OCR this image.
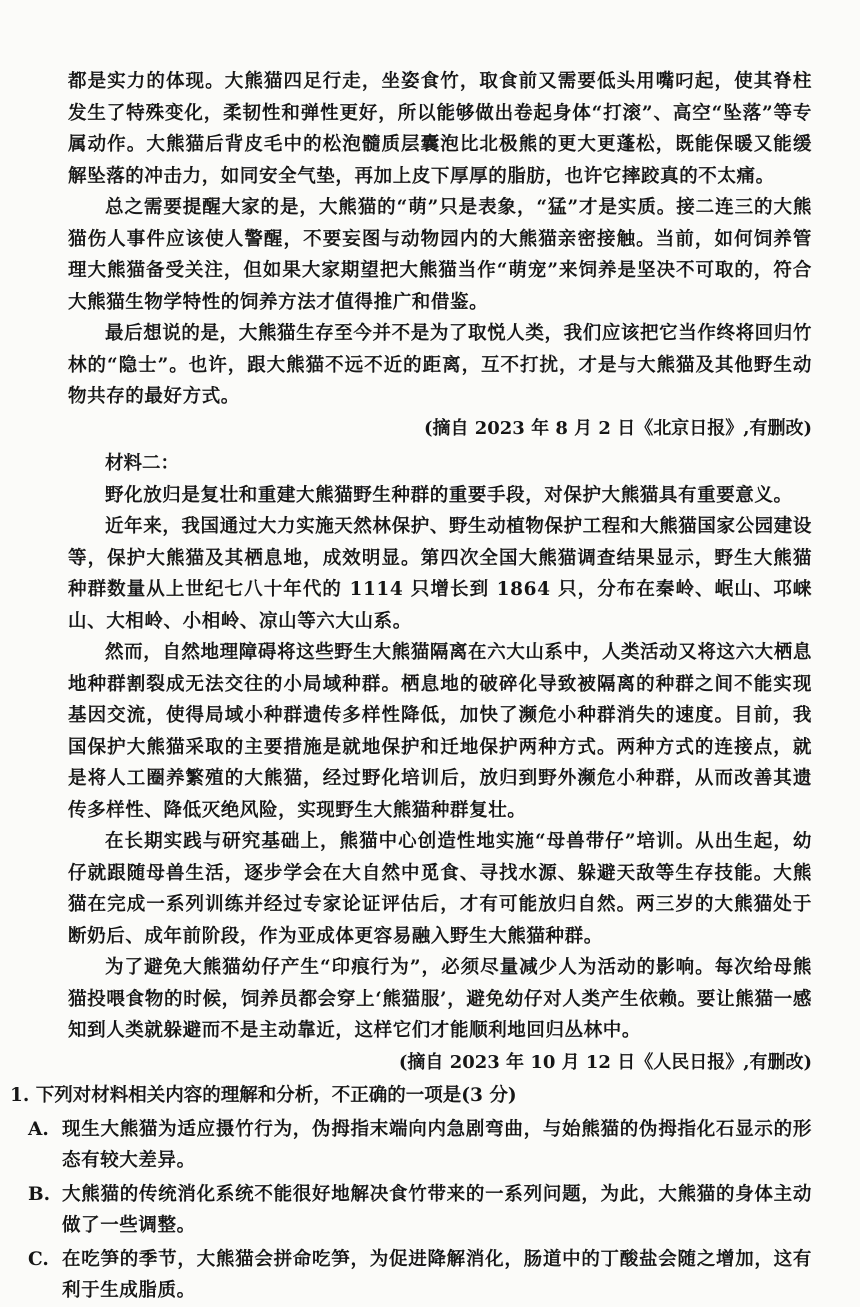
都是实力的体现。大熊猫四足行走，坐姿食竹，取食前又需要低头用嘴叼起，使其脊柱发生了特殊变化，柔韧性和弹性更好，所以能够做出卷起身体“打滚”、高空“坠落”等专属动作。大熊猫后背皮毛中的松泡髓质层囊泡比北极熊的更大更蓬松，既能保暖又能缓解坠落的冲击力，如同安全气垫，再加上皮下厚厚的脂肪，也许它摔跤真的不太痛。

总之需要提醒大家的是，大熊猫的“萌”只是表象，“猛”才是实质。接二连三的大熊猫伤人事件应该使人警醒，不要妄图与动物园内的大熊猫亲密接触。当前，如何饲养管理大熊猫备受关注，但如果大家期望把大熊猫当作“萌宠”来饲养是坚决不可取的，符合大熊猫生物学特性的饲养方法才值得推广和借鉴。

最后想说的是，大熊猫生存至今并不是为了取悦人类，我们应该把它当作终将回归竹林的“隐士”。也许，跟大熊猫不远不近的距离，互不打扰，才是与大熊猫及其他野生动物共存的最好方式。

(摘自 2023 年 8 月 2 日《北京日报》,有删改)

材料二：

野化放归是复壮和重建大熊猫野生种群的重要手段，对保护大熊猫具有重要意义。

近年来，我国通过大力实施天然林保护、野生动植物保护工程和大熊猫国家公园建设等，保护大熊猫及其栖息地，成效明显。第四次全国大熊猫调查结果显示，野生大熊猫种群数量从上世纪七八十年代的 1114 只增长到 1864 只，分布在秦岭、岷山、邛崃山、大相岭、小相岭、凉山等六大山系。

然而，自然地理障碍将这些野生大熊猫隔离在六大山系中，人类活动又将这六大栖息地种群割裂成无法交往的小局域种群。栖息地的破碎化导致被隔离的种群之间不能实现基因交流，使得局域小种群遗传多样性降低，加快了濒危小种群消失的速度。目前，我国保护大熊猫采取的主要措施是就地保护和迁地保护两种方式。两种方式的连接点，就是将人工圈养繁殖的大熊猫，经过野化培训后，放归到野外濒危小种群，从而改善其遗传多样性、降低灭绝风险，实现野生大熊猫种群复壮。

在长期实践与研究基础上，熊猫中心创造性地实施“母兽带仔”培训。从出生起，幼仔就跟随母兽生活，逐步学会在大自然中觅食、寻找水源、躲避天敌等生存技能。大熊猫在完成一系列训练并经过专家论证评估后，才有可能放归自然。两三岁的大熊猫处于断奶后、成年前阶段，作为亚成体更容易融入野生大熊猫种群。

为了避免大熊猫幼仔产生“印痕行为”，必须尽量减少人为活动的影响。每次给母熊猫投喂食物的时候，饲养员都会穿上‘熊猫服’，避免幼仔对人类产生依赖。要让熊猫一感知到人类就躲避而不是主动靠近，这样它们才能顺利地回归丛林中。

(摘自 2023 年 10 月 12 日《人民日报》,有删改)

1. 下列对材料相关内容的理解和分析，不正确的一项是(3 分)

A. 现生大熊猫为适应摄竹行为，伪拇指末端向内急剧弯曲，与始熊猫的伪拇指化石显示的形态有较大差异。
B. 大熊猫的传统消化系统不能很好地解决食竹带来的一系列问题，为此，大熊猫的身体主动做了一些调整。
C. 在吃笋的季节，大熊猫会拼命吃笋，为促进降解消化，肠道中的丁酸盐会随之增加，这有利于生成脂质。
